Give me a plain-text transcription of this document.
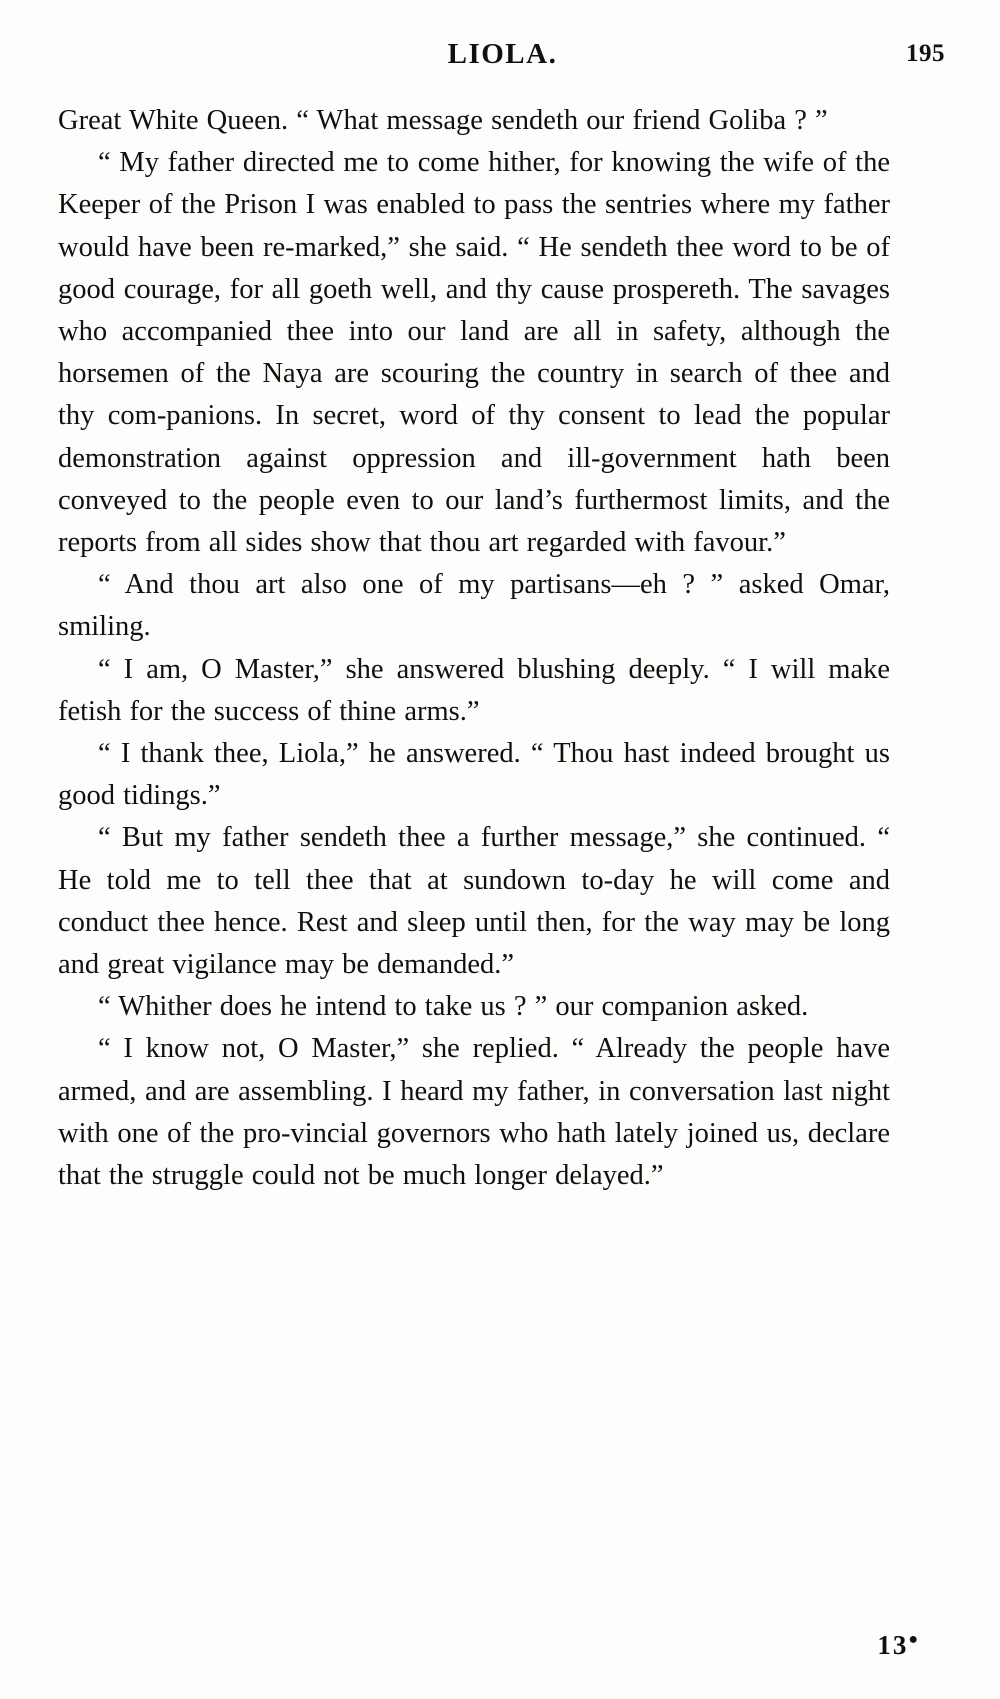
LIOLA.	195

Great White Queen. “ What message sendeth our friend Goliba ? ”

“ My father directed me to come hither, for knowing the wife of the Keeper of the Prison I was enabled to pass the sentries where my father would have been re-marked,” she said. “ He sendeth thee word to be of good courage, for all goeth well, and thy cause prospereth. The savages who accompanied thee into our land are all in safety, although the horsemen of the Naya are scouring the country in search of thee and thy com-panions. In secret, word of thy consent to lead the popular demonstration against oppression and ill-government hath been conveyed to the people even to our land’s furthermost limits, and the reports from all sides show that thou art regarded with favour.”

“ And thou art also one of my partisans—eh ? ” asked Omar, smiling.

“ I am, O Master,” she answered blushing deeply. “ I will make fetish for the success of thine arms.”

“ I thank thee, Liola,” he answered. “ Thou hast indeed brought us good tidings.”

“ But my father sendeth thee a further message,” she continued. “ He told me to tell thee that at sundown to-day he will come and conduct thee hence. Rest and sleep until then, for the way may be long and great vigilance may be demanded.”

“ Whither does he intend to take us ? ” our companion asked.

“ I know not, O Master,” she replied. “ Already the people have armed, and are assembling. I heard my father, in conversation last night with one of the pro-vincial governors who hath lately joined us, declare that the struggle could not be much longer delayed.”

13●
